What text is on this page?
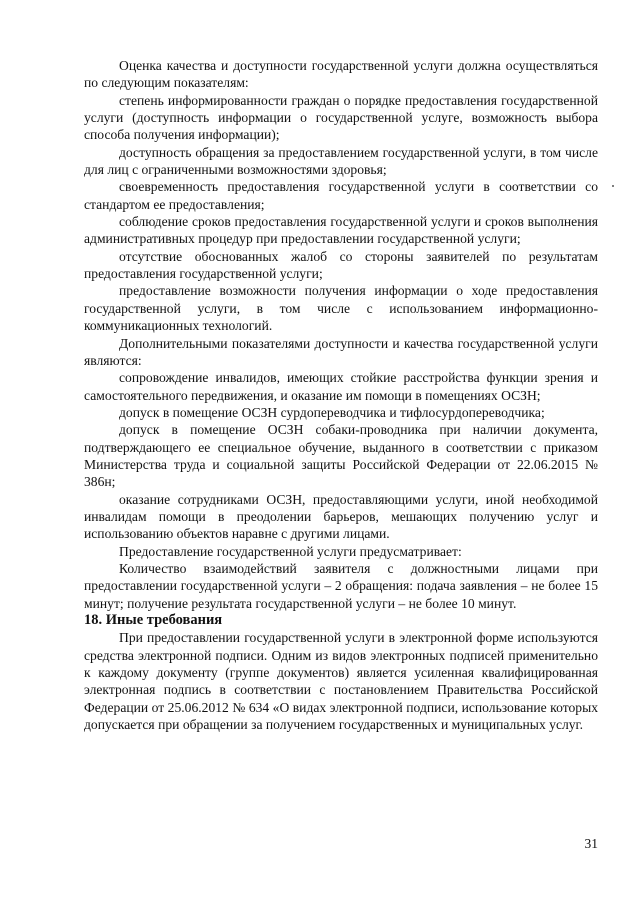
Оценка качества и доступности государственной услуги должна осуществляться по следующим показателям:

степень информированности граждан о порядке предоставления государственной услуги (доступность информации о государственной услуге, возможность выбора способа получения информации);

доступность обращения за предоставлением государственной услуги, в том числе для лиц с ограниченными возможностями здоровья;

своевременность предоставления государственной услуги в соответствии со стандартом ее предоставления;

соблюдение сроков предоставления государственной услуги и сроков выполнения административных процедур при предоставлении государственной услуги;

отсутствие обоснованных жалоб со стороны заявителей по результатам предоставления государственной услуги;

предоставление возможности получения информации о ходе предоставления государственной услуги, в том числе с использованием информационно-коммуникационных технологий.

Дополнительными показателями доступности и качества государственной услуги являются:

сопровождение инвалидов, имеющих стойкие расстройства функции зрения и самостоятельного передвижения, и оказание им помощи в помещениях ОСЗН;

допуск в помещение ОСЗН сурдопереводчика и тифлосурдопереводчика;

допуск в помещение ОСЗН собаки-проводника при наличии документа, подтверждающего ее специальное обучение, выданного в соответствии с приказом Министерства труда и социальной защиты Российской Федерации от 22.06.2015 № 386н;

оказание сотрудниками ОСЗН, предоставляющими услуги, иной необходимой инвалидам помощи в преодолении барьеров, мешающих получению услуг и использованию объектов наравне с другими лицами.

Предоставление государственной услуги предусматривает:

Количество взаимодействий заявителя с должностными лицами при предоставлении государственной услуги – 2 обращения: подача заявления – не более 15 минут; получение результата государственной услуги – не более 10 минут.

18. Иные требования

При предоставлении государственной услуги в электронной форме используются средства электронной подписи. Одним из видов электронных подписей применительно к каждому документу (группе документов) является усиленная квалифицированная электронная подпись в соответствии с постановлением Правительства Российской Федерации от 25.06.2012 № 634 «О видах электронной подписи, использование которых допускается при обращении за получением государственных и муниципальных услуг.

31
